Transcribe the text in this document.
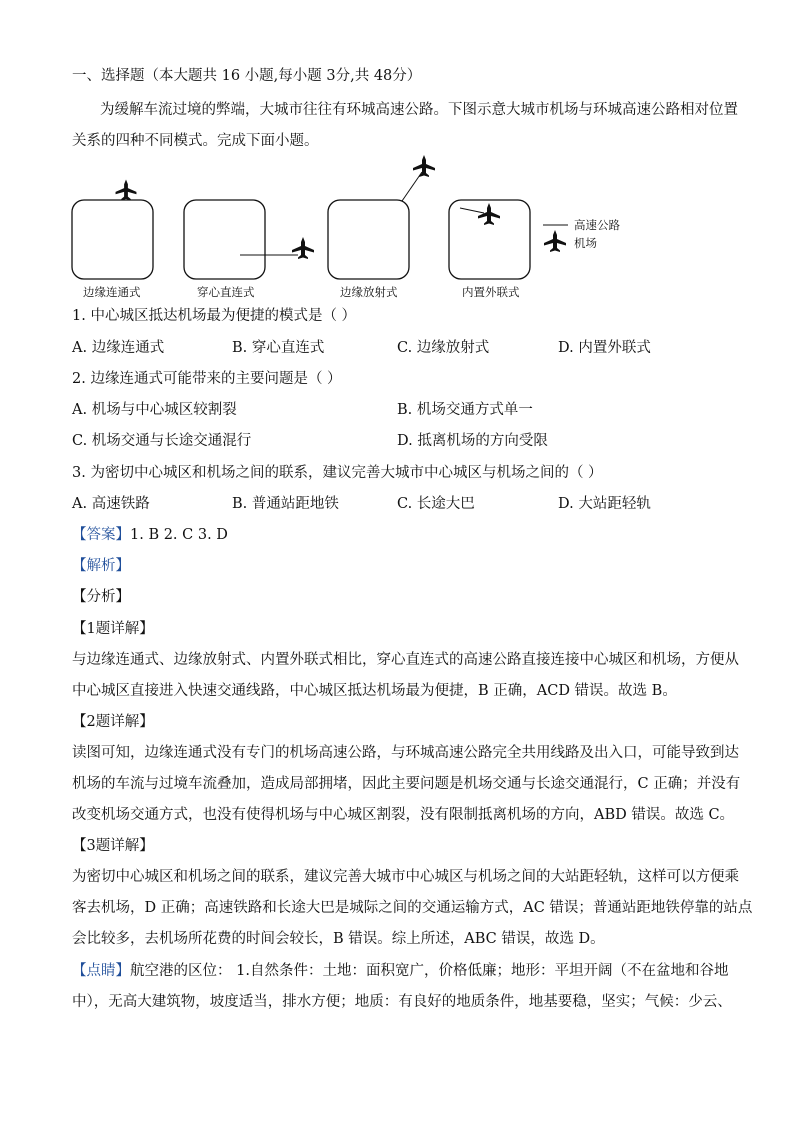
一、选择题（本大题共 16 小题,每小题 3分,共 48分）
为缓解车流过境的弊端，大城市往往有环城高速公路。下图示意大城市机场与环城高速公路相对位置
关系的四种不同模式。完成下面小题。
边缘连通式	穿心直连式	边缘放射式	内置外联式
高速公路
机场
1. 中心城区抵达机场最为便捷的模式是（ ）
A. 边缘连通式	B. 穿心直连式	C. 边缘放射式	D. 内置外联式
2. 边缘连通式可能带来的主要问题是（ ）
A. 机场与中心城区较割裂	B. 机场交通方式单一
C. 机场交通与长途交通混行	D. 抵离机场的方向受限
3. 为密切中心城区和机场之间的联系，建议完善大城市中心城区与机场之间的（ ）
A. 高速铁路	B. 普通站距地铁	C. 长途大巴	D. 大站距轻轨
【答案】1. B 2. C 3. D
【解析】
【分析】
【1题详解】
与边缘连通式、边缘放射式、内置外联式相比，穿心直连式的高速公路直接连接中心城区和机场，方便从
中心城区直接进入快速交通线路，中心城区抵达机场最为便捷，B 正确，ACD 错误。故选 B。
【2题详解】
读图可知，边缘连通式没有专门的机场高速公路，与环城高速公路完全共用线路及出入口，可能导致到达
机场的车流与过境车流叠加，造成局部拥堵，因此主要问题是机场交通与长途交通混行，C 正确；并没有
改变机场交通方式，也没有使得机场与中心城区割裂，没有限制抵离机场的方向，ABD 错误。故选 C。
【3题详解】
为密切中心城区和机场之间的联系，建议完善大城市中心城区与机场之间的大站距轻轨，这样可以方便乘
客去机场，D 正确；高速铁路和长途大巴是城际之间的交通运输方式，AC 错误；普通站距地铁停靠的站点
会比较多，去机场所花费的时间会较长，B 错误。综上所述，ABC 错误，故选 D。
【点睛】航空港的区位： 1.自然条件：土地：面积宽广，价格低廉；地形：平坦开阔（不在盆地和谷地
中），无高大建筑物，坡度适当，排水方便；地质：有良好的地质条件，地基要稳，坚实；气候：少云、
